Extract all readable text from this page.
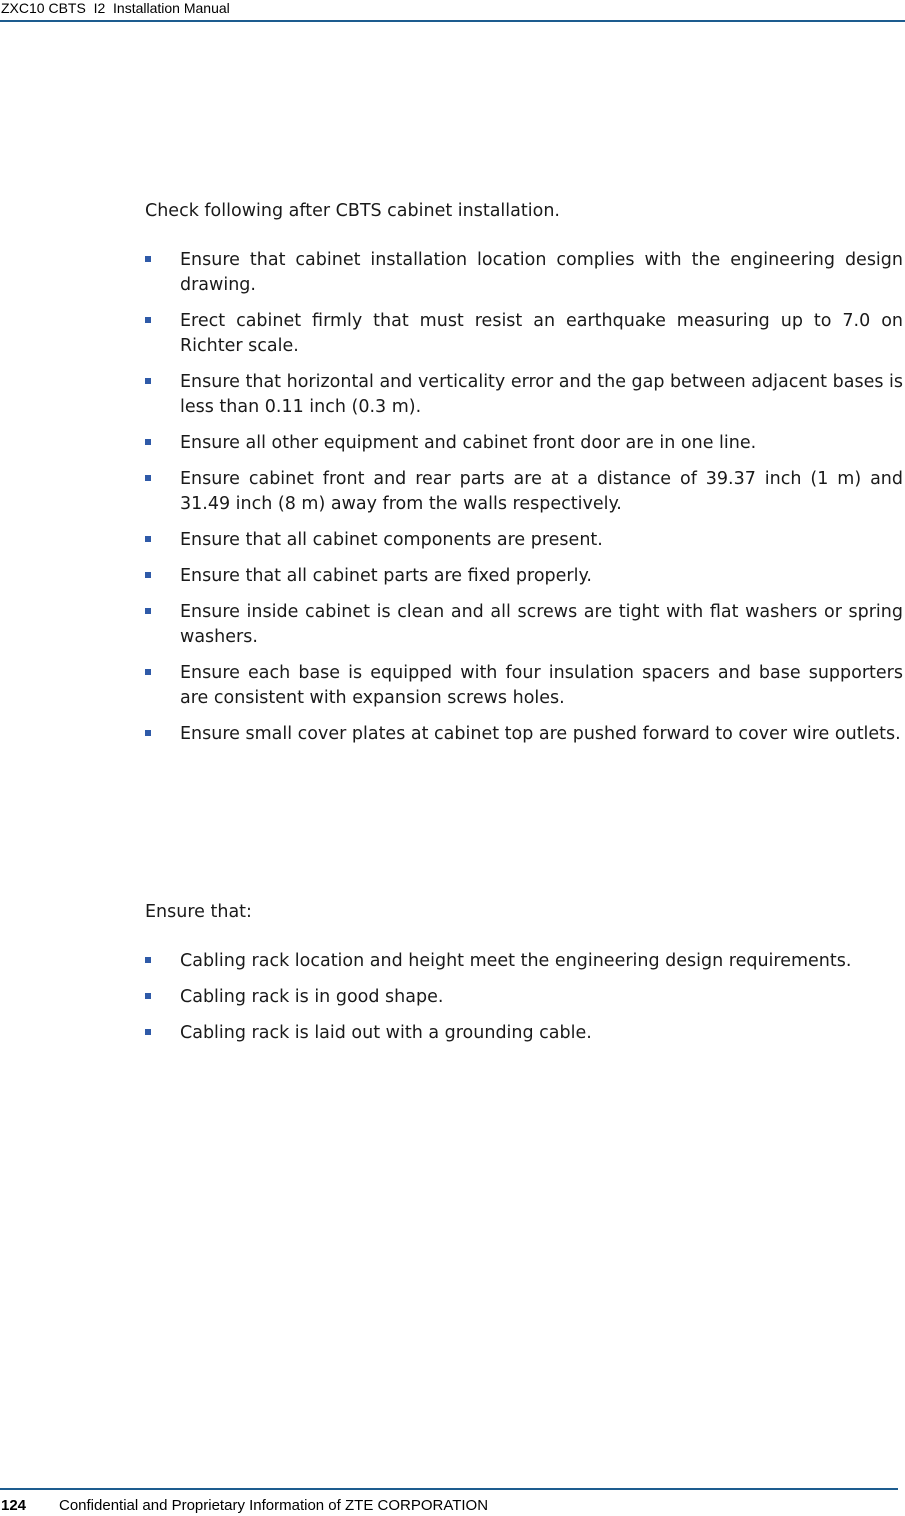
ZXC10 CBTS  I2  Installation Manual

Check following after CBTS cabinet installation.

Ensure that cabinet installation location complies with the engineering design drawing.
Erect cabinet firmly that must resist an earthquake measuring up to 7.0 on Richter scale.
Ensure that horizontal and verticality error and the gap between adjacent bases is less than 0.11 inch (0.3 m).
Ensure all other equipment and cabinet front door are in one line.
Ensure cabinet front and rear parts are at a distance of 39.37 inch (1 m) and 31.49 inch (8 m) away from the walls respectively.
Ensure that all cabinet components are present.
Ensure that all cabinet parts are fixed properly.
Ensure inside cabinet is clean and all screws are tight with flat washers or spring washers.
Ensure each base is equipped with four insulation spacers and base supporters are consistent with expansion screws holes.
Ensure small cover plates at cabinet top are pushed forward to cover wire outlets.

Ensure that:

Cabling rack location and height meet the engineering design requirements.
Cabling rack is in good shape.
Cabling rack is laid out with a grounding cable.
124 Confidential and Proprietary Information of ZTE CORPORATION
